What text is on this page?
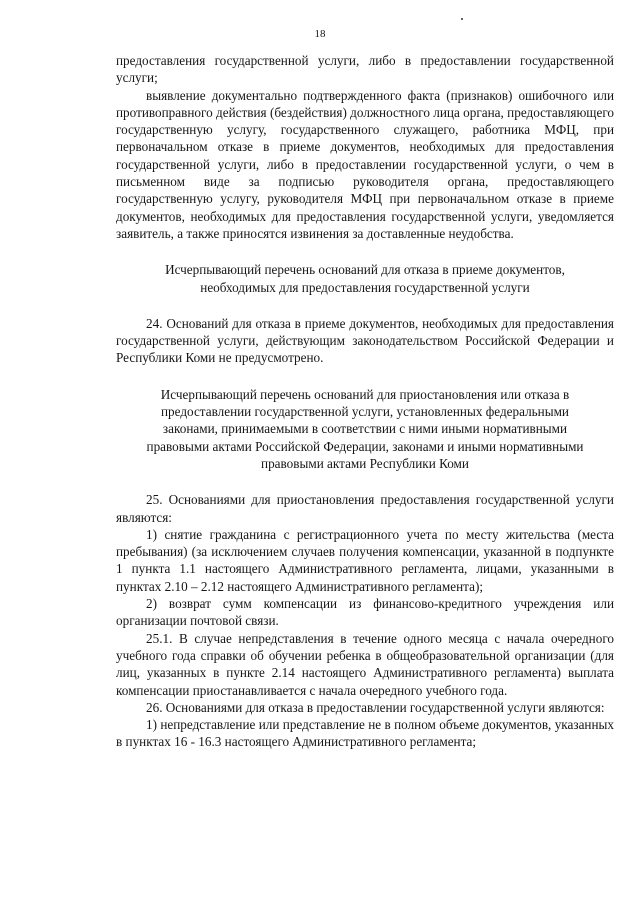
18

предоставления государственной услуги, либо в предоставлении государственной услуги;

выявление документально подтвержденного факта (признаков) ошибочного или противоправного действия (бездействия) должностного лица органа, предоставляющего государственную услугу, государственного служащего, работника МФЦ, при первоначальном отказе в приеме документов, необходимых для предоставления государственной услуги, либо в предоставлении государственной услуги, о чем в письменном виде за подписью руководителя органа, предоставляющего государственную услугу, руководителя МФЦ при первоначальном отказе в приеме документов, необходимых для предоставления государственной услуги, уведомляется заявитель, а также приносятся извинения за доставленные неудобства.

Исчерпывающий перечень оснований для отказа в приеме документов, необходимых для предоставления государственной услуги

24. Оснований для отказа в приеме документов, необходимых для предоставления государственной услуги, действующим законодательством Российской Федерации и Республики Коми не предусмотрено.

Исчерпывающий перечень оснований для приостановления или отказа в предоставлении государственной услуги, установленных федеральными законами, принимаемыми в соответствии с ними иными нормативными правовыми актами Российской Федерации, законами и иными нормативными правовыми актами Республики Коми

25. Основаниями для приостановления предоставления государственной услуги являются:

1) снятие гражданина с регистрационного учета по месту жительства (места пребывания) (за исключением случаев получения компенсации, указанной в подпункте 1 пункта 1.1 настоящего Административного регламента, лицами, указанными в пунктах 2.10 – 2.12 настоящего Административного регламента);

2) возврат сумм компенсации из финансово-кредитного учреждения или организации почтовой связи.

25.1. В случае непредставления в течение одного месяца с начала очередного учебного года справки об обучении ребенка в общеобразовательной организации (для лиц, указанных в пункте 2.14 настоящего Административного регламента) выплата компенсации приостанавливается с начала очередного учебного года.

26. Основаниями для отказа в предоставлении государственной услуги являются:

1) непредставление или представление не в полном объеме документов, указанных в пунктах 16 - 16.3 настоящего Административного регламента;
